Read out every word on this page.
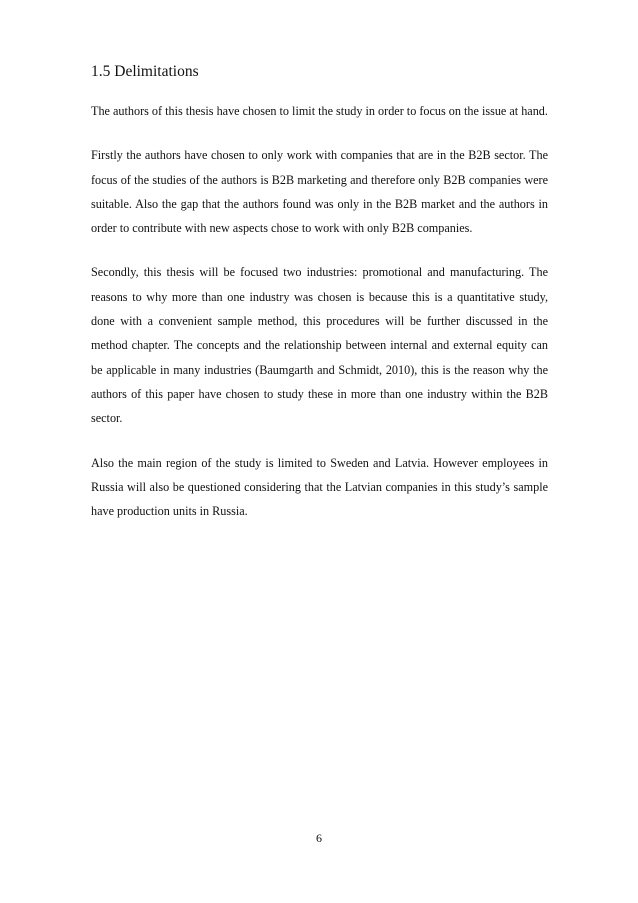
1.5 Delimitations

The authors of this thesis have chosen to limit the study in order to focus on the issue at hand.

Firstly the authors have chosen to only work with companies that are in the B2B sector. The focus of the studies of the authors is B2B marketing and therefore only B2B companies were suitable. Also the gap that the authors found was only in the B2B market and the authors in order to contribute with new aspects chose to work with only B2B companies.

Secondly, this thesis will be focused two industries: promotional and manufacturing. The reasons to why more than one industry was chosen is because this is a quantitative study, done with a convenient sample method, this procedures will be further discussed in the method chapter. The concepts and the relationship between internal and external equity can be applicable in many industries (Baumgarth and Schmidt, 2010), this is the reason why the authors of this paper have chosen to study these in more than one industry within the B2B sector.

Also the main region of the study is limited to Sweden and Latvia. However employees in Russia will also be questioned considering that the Latvian companies in this study’s sample have production units in Russia.

6
